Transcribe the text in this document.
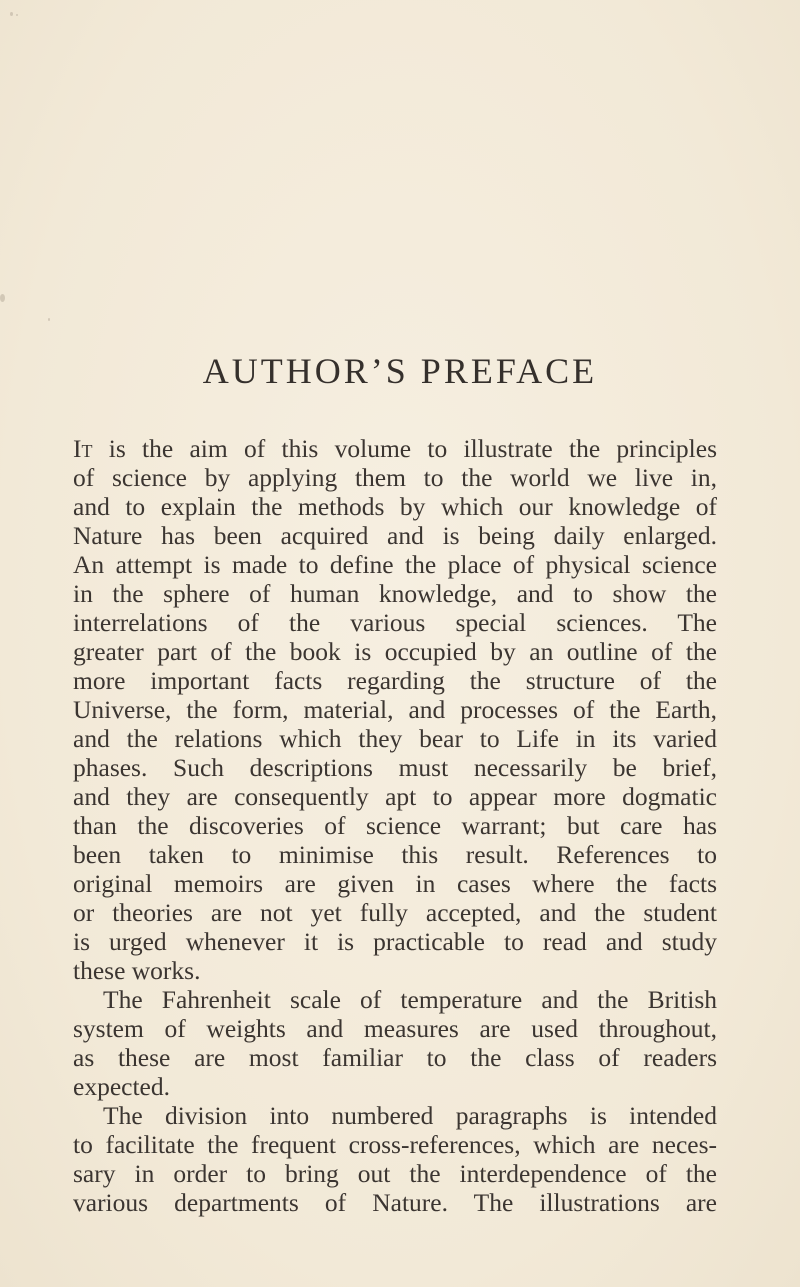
AUTHOR’S PREFACE
It is the aim of this volume to illustrate the principles
of science by applying them to the world we live in,
and to explain the methods by which our knowledge of
Nature has been acquired and is being daily enlarged.
An attempt is made to define the place of physical science
in the sphere of human knowledge, and to show the
interrelations of the various special sciences. The
greater part of the book is occupied by an outline of the
more important facts regarding the structure of the
Universe, the form, material, and processes of the Earth,
and the relations which they bear to Life in its varied
phases. Such descriptions must necessarily be brief,
and they are consequently apt to appear more dogmatic
than the discoveries of science warrant; but care has
been taken to minimise this result. References to
original memoirs are given in cases where the facts
or theories are not yet fully accepted, and the student
is urged whenever it is practicable to read and study
these works.
The Fahrenheit scale of temperature and the British
system of weights and measures are used throughout,
as these are most familiar to the class of readers
expected.
The division into numbered paragraphs is intended
to facilitate the frequent cross-references, which are neces-
sary in order to bring out the interdependence of the
various departments of Nature. The illustrations are
